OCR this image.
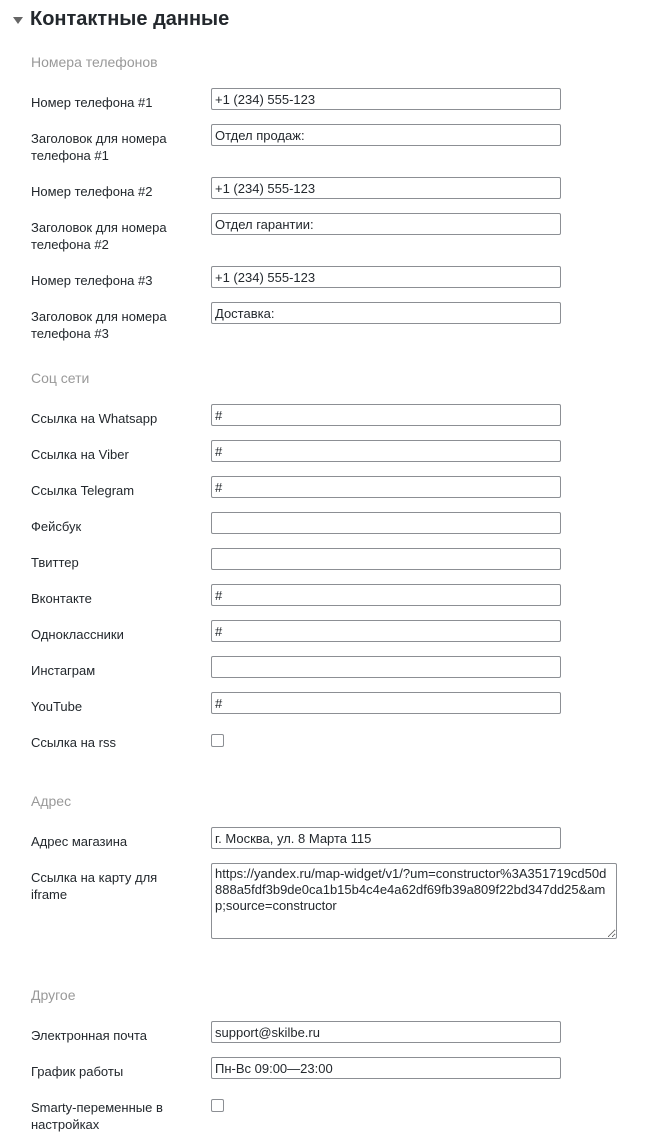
Контактные данные
Номера телефонов
Номер телефона #1
+1 (234) 555-123
Заголовок для номера телефона #1
Отдел продаж:
Номер телефона #2
+1 (234) 555-123
Заголовок для номера телефона #2
Отдел гарантии:
Номер телефона #3
+1 (234) 555-123
Заголовок для номера телефона #3
Доставка:
Соц сети
Ссылка на Whatsapp
#
Ссылка на Viber
#
Ссылка Telegram
#
Фейсбук
Твиттер
Вконтакте
#
Одноклассники
#
Инстаграм
YouTube
#
Ссылка на rss
Адрес
Адрес магазина
г. Москва, ул. 8 Марта 115
Ссылка на карту для iframe
https://yandex.ru/map-widget/v1/?um=constructor%3A351719cd50d888a5fdf3b9de0ca1b15b4c4e4a62df69fb39a809f22bd347dd25&amp;source=constructor
Другое
Электронная почта
support@skilbe.ru
График работы
Пн-Вс 09:00—23:00
Smarty-переменные в настройках
